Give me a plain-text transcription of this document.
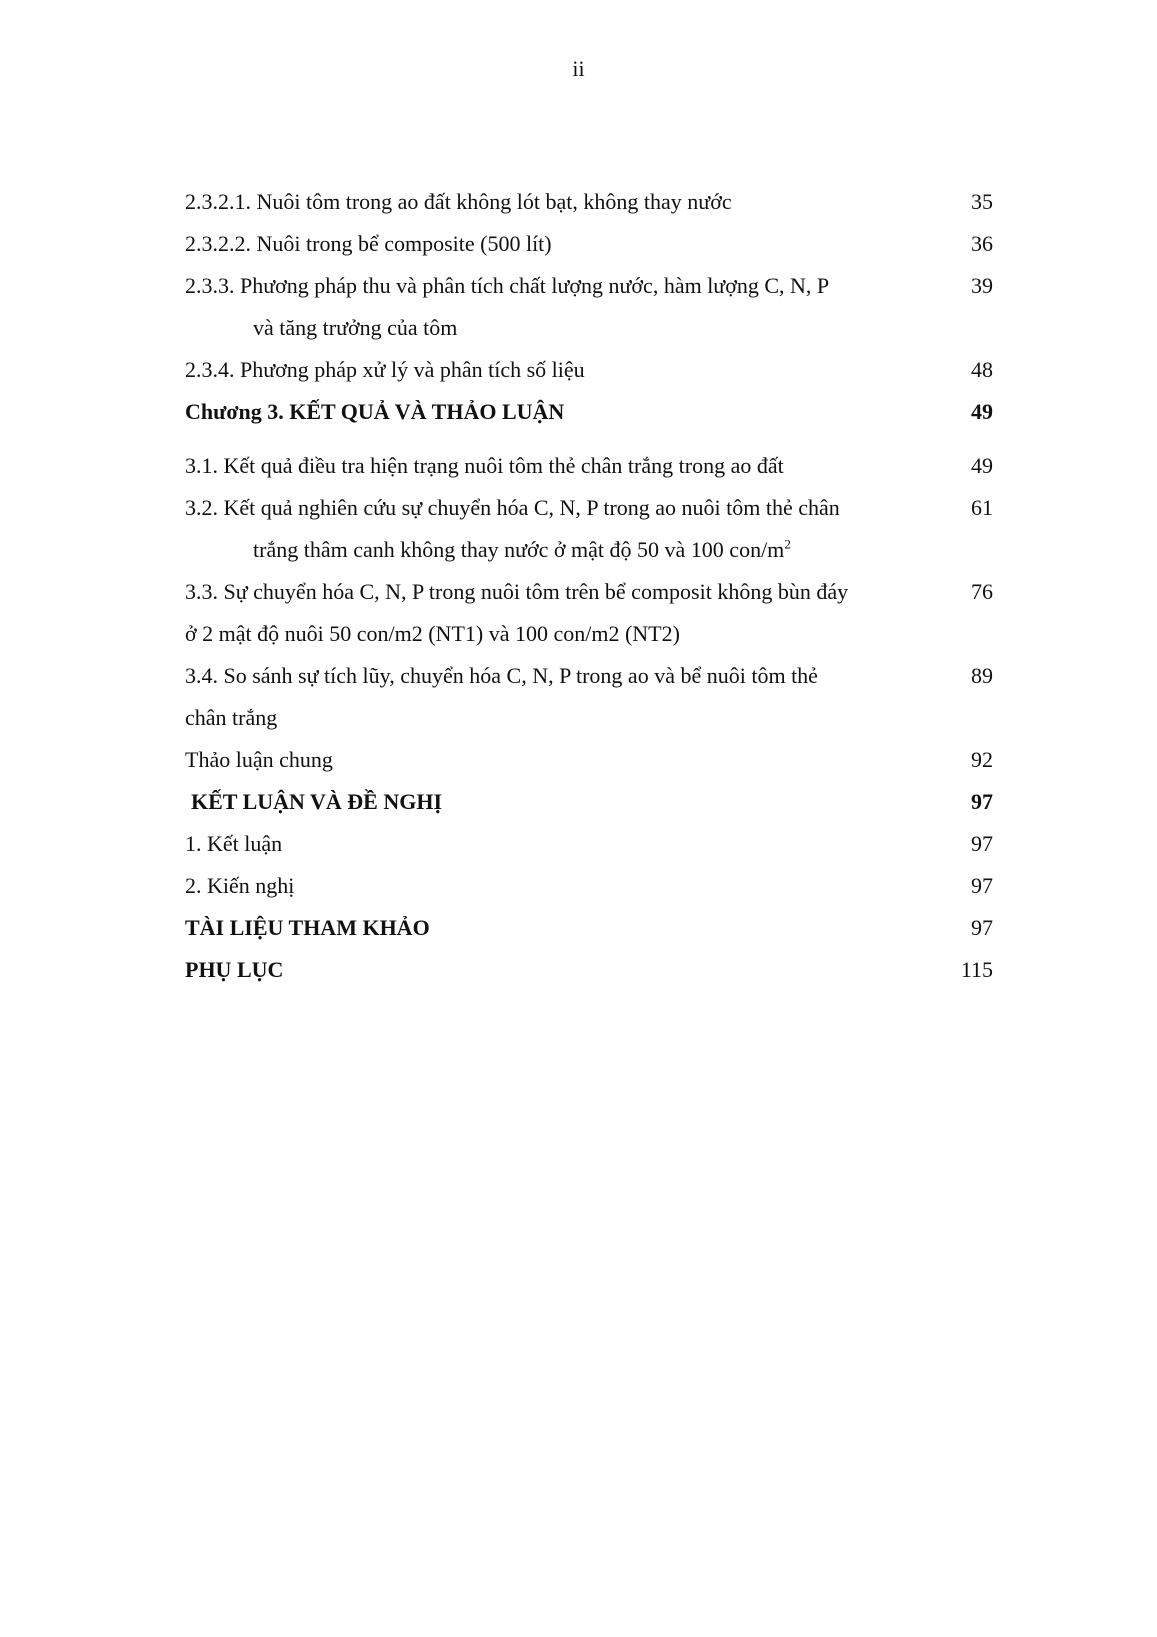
ii
2.3.2.1. Nuôi tôm trong ao đất không lót bạt, không thay nước	35
2.3.2.2. Nuôi trong bể composite (500 lít)	36
2.3.3. Phương pháp thu và phân tích chất lượng nước, hàm lượng C, N, P	39
và tăng trưởng của tôm
2.3.4. Phương pháp xử lý và phân tích số liệu	48
Chương 3. KẾT QUẢ VÀ THẢO LUẬN	49
3.1. Kết quả điều tra hiện trạng nuôi tôm thẻ chân trắng trong ao đất	49
3.2. Kết quả nghiên cứu sự chuyển hóa C, N, P trong ao nuôi tôm thẻ chân	61
trắng thâm canh không thay nước ở mật độ 50 và 100 con/$m^2$
3.3. Sự chuyển hóa C, N, P trong nuôi tôm trên bể composit không bùn đáy	76
ở 2 mật độ nuôi 50 con/m2 (NT1) và 100 con/m2 (NT2)
3.4. So sánh sự tích lũy, chuyển hóa C, N, P trong ao và bể nuôi tôm thẻ	89
chân trắng
Thảo luận chung	92
KẾT LUẬN VÀ ĐỀ NGHỊ	97
1. Kết luận	97
2. Kiến nghị	97
TÀI LIỆU THAM KHẢO	97
PHỤ LỤC	115
